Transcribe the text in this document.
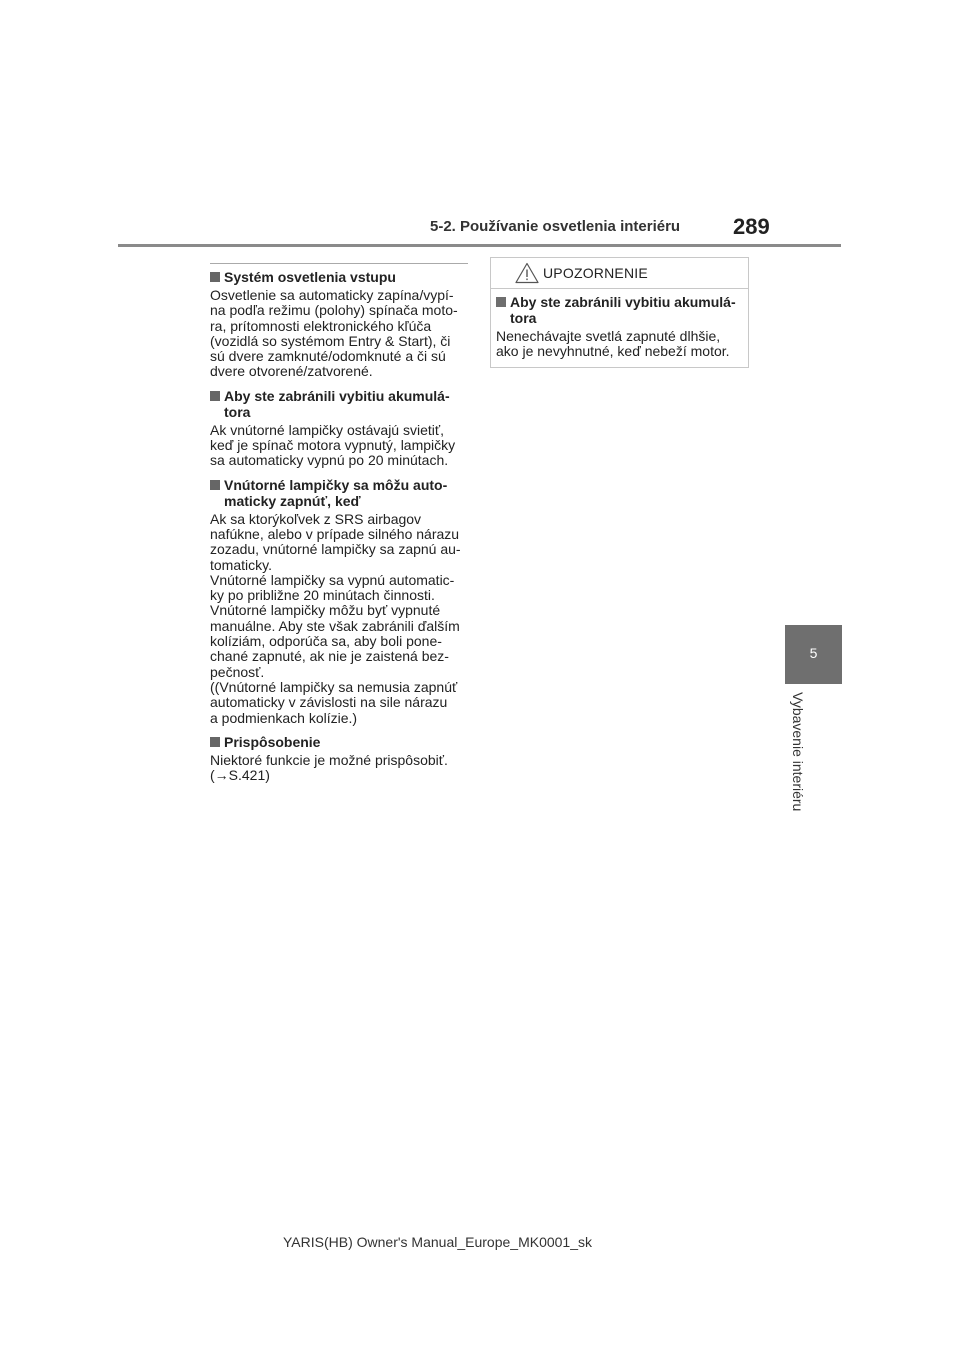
5-2. Používanie osvetlenia interiéru 289
5
Vybavenie interiéru
Systém osvetlenia vstupu
Osvetlenie sa automaticky zapína/vypí-
na podľa režimu (polohy) spínača moto-
ra, prítomnosti elektronického kľúča
(vozidlá so systémom Entry & Start), či
sú dvere zamknuté/odomknuté a či sú
dvere otvorené/zatvorené.
Aby ste zabránili vybitiu akumulá-
tora
Ak vnútorné lampičky ostávajú svietiť,
keď je spínač motora vypnutý, lampičky
sa automaticky vypnú po 20 minútach.
Vnútorné lampičky sa môžu auto-
maticky zapnúť, keď
Ak sa ktorýkoľvek z SRS airbagov
nafúkne, alebo v prípade silného nárazu
zozadu, vnútorné lampičky sa zapnú au-
tomaticky.
Vnútorné lampičky sa vypnú automatic-
ky po približne 20 minútach činnosti.
Vnútorné lampičky môžu byť vypnuté
manuálne. Aby ste však zabránili ďalším
kolíziám, odporúča sa, aby boli pone-
chané zapnuté, ak nie je zaistená bez-
pečnosť.
((Vnútorné lampičky sa nemusia zapnúť
automaticky v závislosti na sile nárazu
a podmienkach kolízie.)
Prispôsobenie
Niektoré funkcie je možné prispôsobiť.
(→S.421)
UPOZORNENIE
Aby ste zabránili vybitiu akumulá-
tora
Nenechávajte svetlá zapnuté dlhšie,
ako je nevyhnutné, keď nebeží motor.
YARIS(HB) Owner's Manual_Europe_MK0001_sk
